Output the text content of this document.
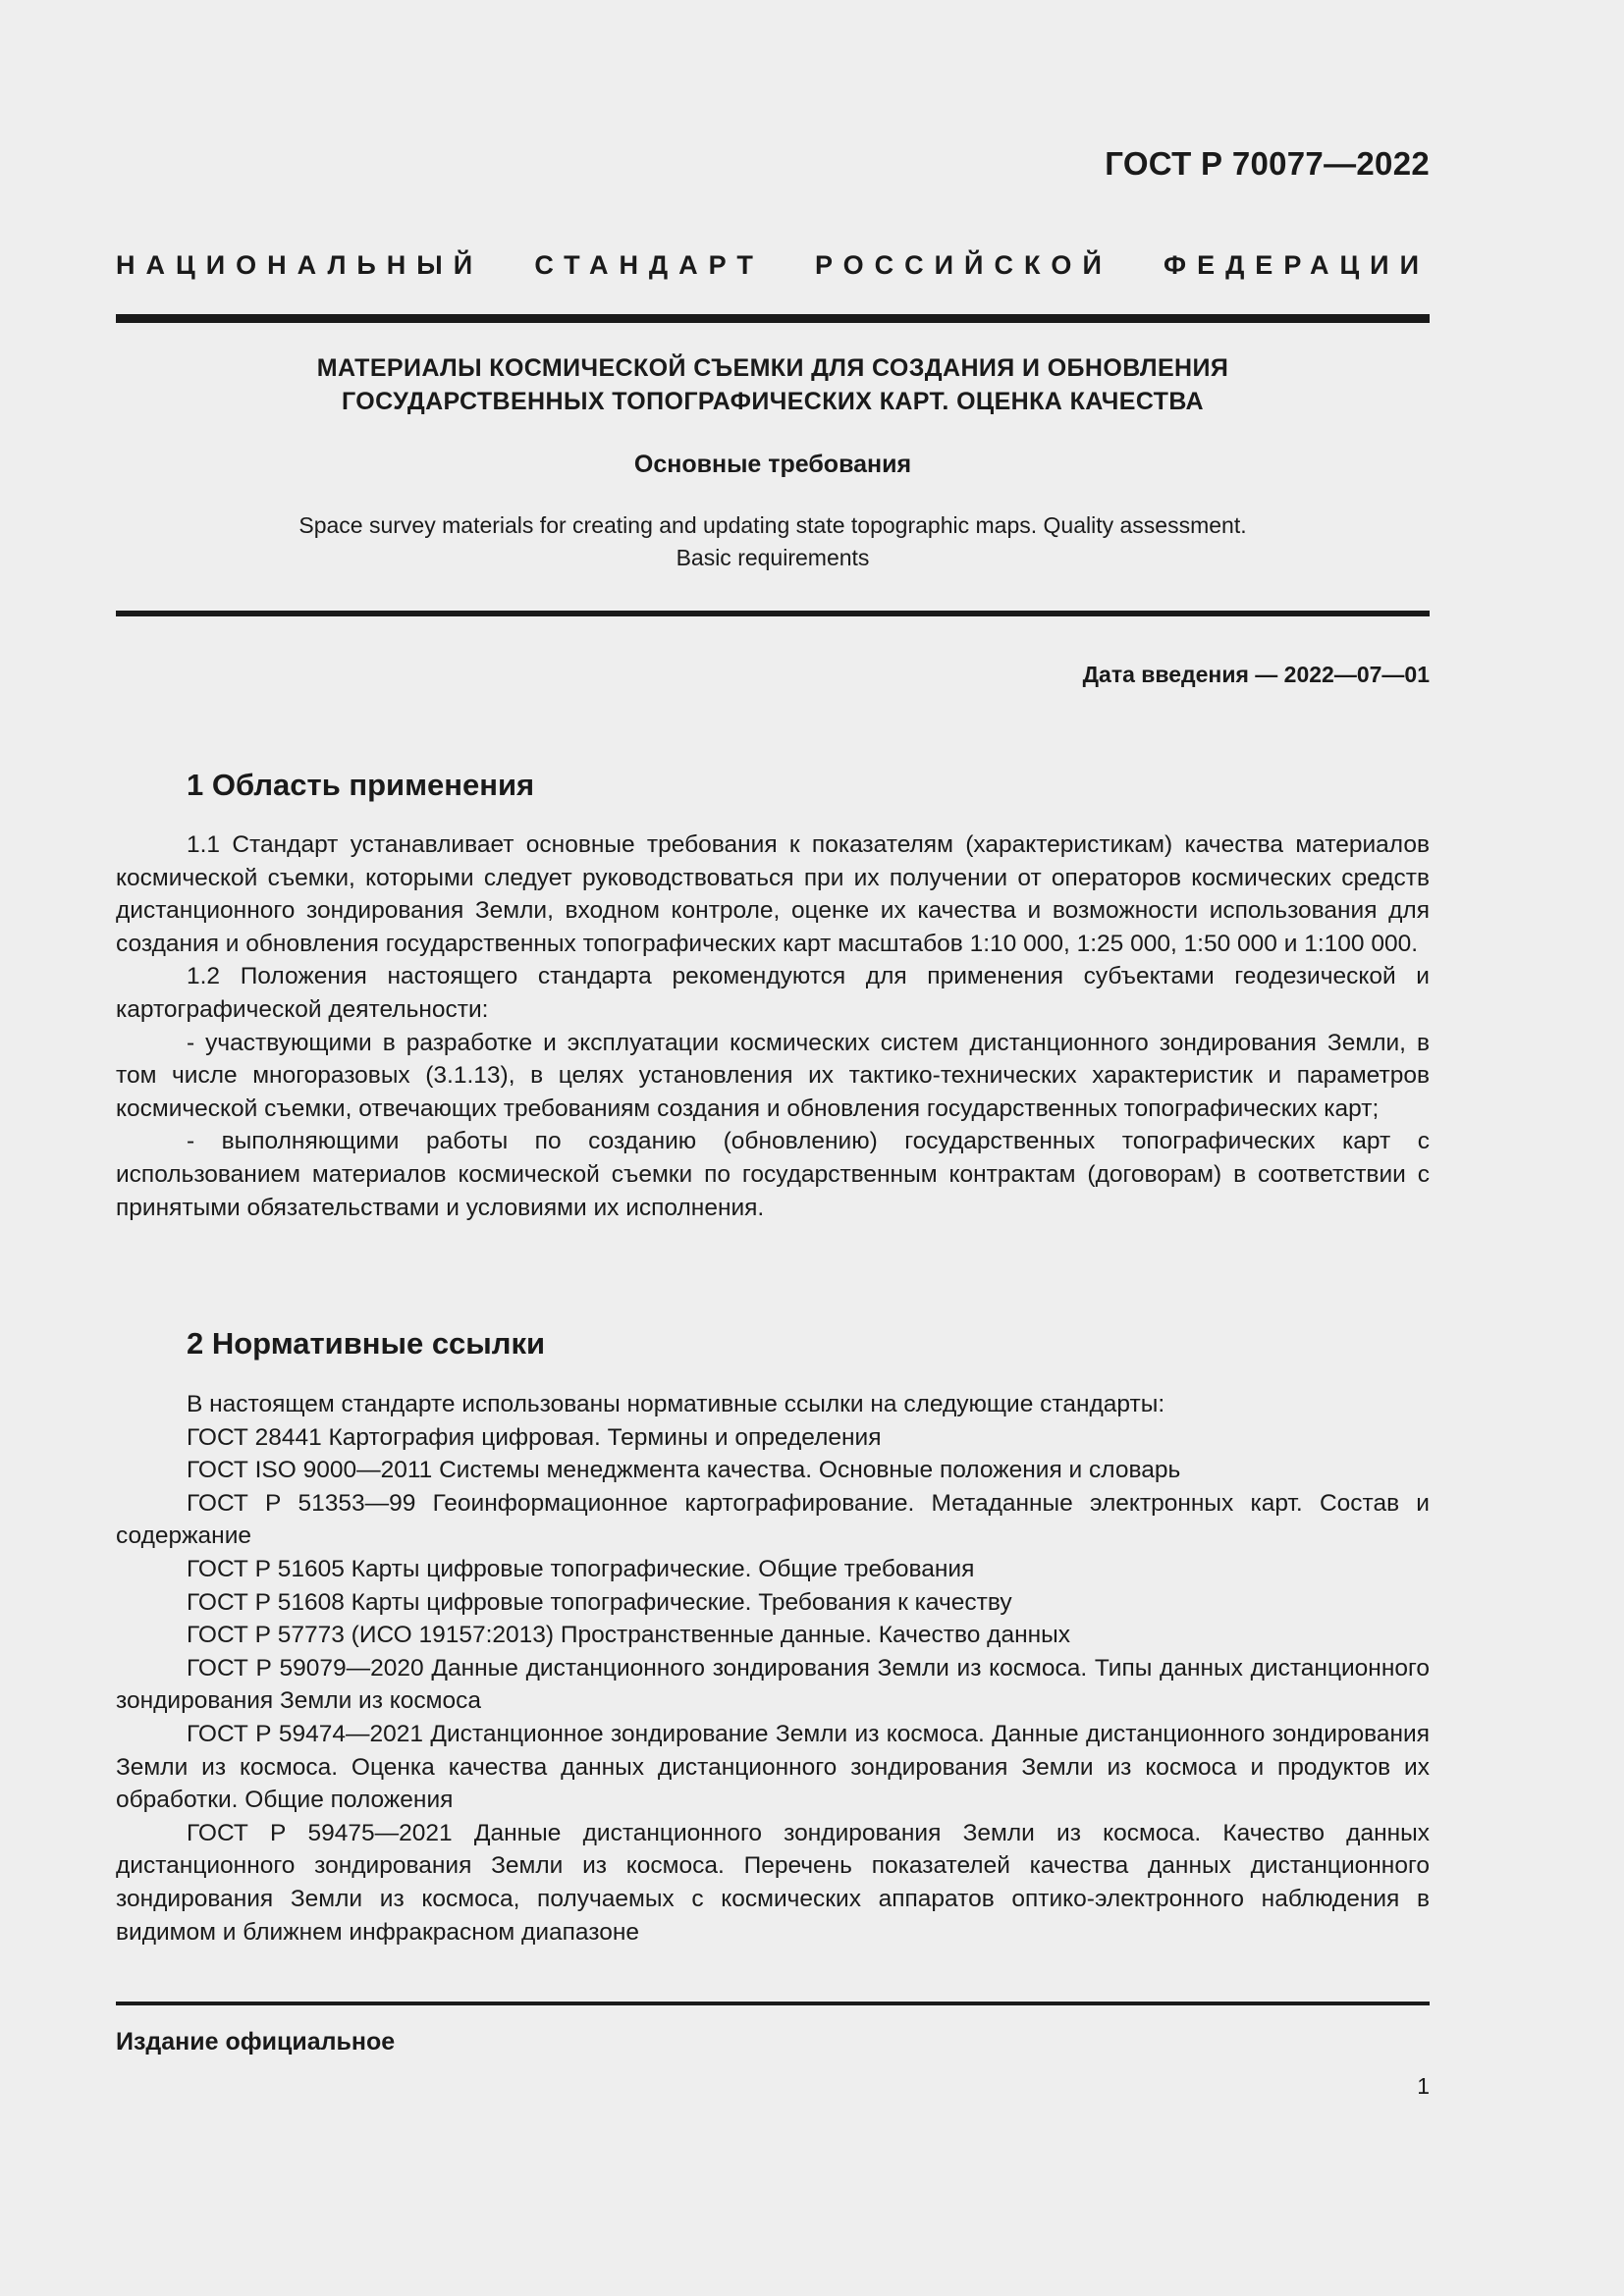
ГОСТ Р 70077—2022
НАЦИОНАЛЬНЫЙ СТАНДАРТ РОССИЙСКОЙ ФЕДЕРАЦИИ
МАТЕРИАЛЫ КОСМИЧЕСКОЙ СЪЕМКИ ДЛЯ СОЗДАНИЯ И ОБНОВЛЕНИЯ
ГОСУДАРСТВЕННЫХ ТОПОГРАФИЧЕСКИХ КАРТ. ОЦЕНКА КАЧЕСТВА
Основные требования
Space survey materials for creating and updating state topographic maps. Quality assessment.
Basic requirements
Дата введения — 2022—07—01
1 Область применения

1.1 Стандарт устанавливает основные требования к показателям (характеристикам) качества материалов космической съемки, которыми следует руководствоваться при их получении от операторов космических средств дистанционного зондирования Земли, входном контроле, оценке их качества и возможности использования для создания и обновления государственных топографических карт масштабов 1:10 000, 1:25 000, 1:50 000 и 1:100 000.

1.2 Положения настоящего стандарта рекомендуются для применения субъектами геодезической и картографической деятельности:

- участвующими в разработке и эксплуатации космических систем дистанционного зондирования Земли, в том числе многоразовых (3.1.13), в целях установления их тактико-технических характеристик и параметров космической съемки, отвечающих требованиям создания и обновления государственных топографических карт;

- выполняющими работы по созданию (обновлению) государственных топографических карт с использованием материалов космической съемки по государственным контрактам (договорам) в соответствии с принятыми обязательствами и условиями их исполнения.

2 Нормативные ссылки

В настоящем стандарте использованы нормативные ссылки на следующие стандарты:

ГОСТ 28441 Картография цифровая. Термины и определения

ГОСТ ISO 9000—2011 Системы менеджмента качества. Основные положения и словарь

ГОСТ Р 51353—99 Геоинформационное картографирование. Метаданные электронных карт. Состав и содержание

ГОСТ Р 51605 Карты цифровые топографические. Общие требования

ГОСТ Р 51608 Карты цифровые топографические. Требования к качеству

ГОСТ Р 57773 (ИСО 19157:2013) Пространственные данные. Качество данных

ГОСТ Р 59079—2020 Данные дистанционного зондирования Земли из космоса. Типы данных дистанционного зондирования Земли из космоса

ГОСТ Р 59474—2021 Дистанционное зондирование Земли из космоса. Данные дистанционного зондирования Земли из космоса. Оценка качества данных дистанционного зондирования Земли из космоса и продуктов их обработки. Общие положения

ГОСТ Р 59475—2021 Данные дистанционного зондирования Земли из космоса. Качество данных дистанционного зондирования Земли из космоса. Перечень показателей качества данных дистанционного зондирования Земли из космоса, получаемых с космических аппаратов оптико-электронного наблюдения в видимом и ближнем инфракрасном диапазоне

Издание официальное
1
